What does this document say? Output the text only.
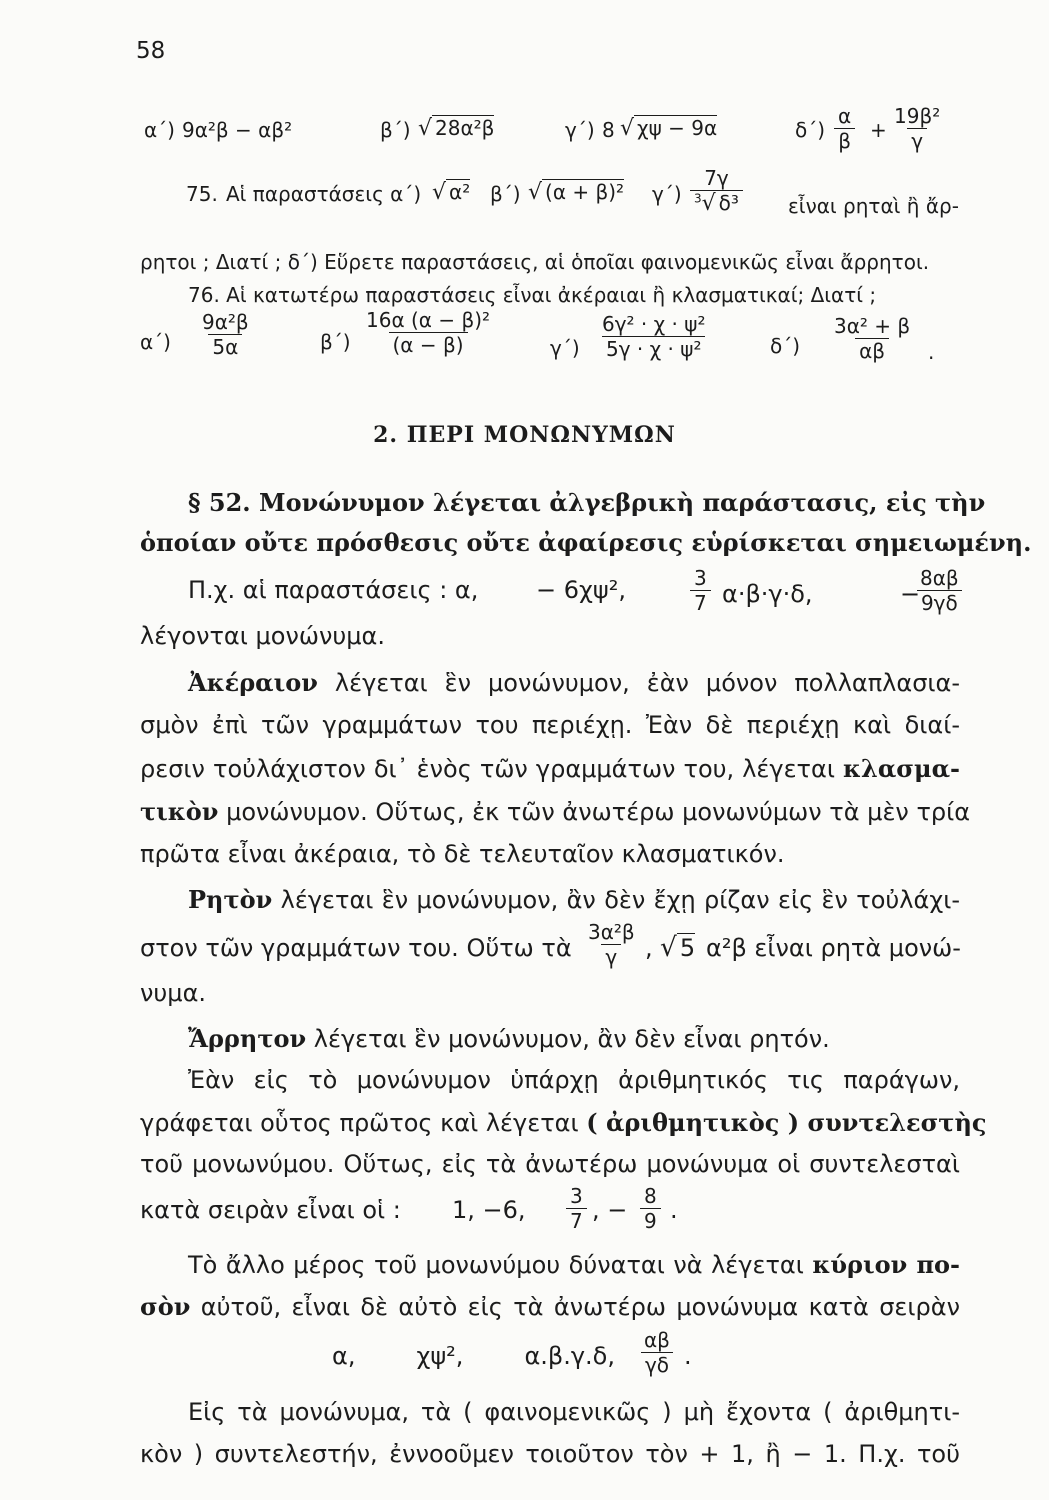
58
α΄) 9α²β − αβ²	β΄) √ 28α²β	γ΄) 8 √ χψ − 9α	$\delta΄) \frac{\alpha}{\beta} + \frac{\text{19β²}}{\gamma}$
75. Αἱ παραστάσεις α΄) √ α² β΄) √ (α + β)² $\gamma΄) \frac{7\gamma}{^3√ \delta^3}$ εἶναι ρηταὶ ἢ ἄρ-
ρητοι ; Διατί ; δ΄) Εὕρετε παραστάσεις, αἱ ὁποῖαι φαινομενικῶς εἶναι ἄρρητοι.
76. Αἱ κατωτέρω παραστάσεις εἶναι ἀκέραιαι ἢ κλασματικαί; Διατί ;
$\alpha΄) \frac{\text{9α²β}}{5\alpha}$	$\beta΄) \frac{\text{16α (α − β)²}}{(\alpha - \beta)}$	$\gamma΄) \frac{\text{6γ² · χ · ψ²}}{\text{5γ · χ · ψ²}}$	$\delta΄) \frac{\text{3α² + β}}{\alpha\beta}$ .
2. ΠΕΡΙ ΜΟΝΩΝΥΜΩΝ
§ 52. Μονώνυμον λέγεται ἀλγεβρικὴ παράστασις, εἰς τὴν
ὁποίαν οὔτε πρόσθεσις οὔτε ἀφαίρεσις εὑρίσκεται σημειωμένη.
Π.χ. αἱ παραστάσεις : α, − 6χψ²,	$\frac{3}{7} \alpha\cdot\beta\cdot\gamma\cdot\delta$,	−
$\frac{8\alpha\beta}{9\gamma\delta}$
λέγονται μονώνυμα.
Ἀκέραιον λέγεται ἓν μονώνυμον, ἐὰν μόνον πολλαπλασια-
σμὸν ἐπὶ τῶν γραμμάτων του περιέχῃ. Ἐὰν δὲ περιέχῃ καὶ διαί-
ρεσιν τοὐλάχιστον δι᾽ ἑνὸς τῶν γραμμάτων του, λέγεται κλασμα-
τικὸν μονώνυμον. Οὕτως, ἐκ τῶν ἀνωτέρω μονωνύμων τὰ μὲν τρία
πρῶτα εἶναι ἀκέραια, τὸ δὲ τελευταῖον κλασματικόν.
Ρητὸν λέγεται ἓν μονώνυμον, ἂν δὲν ἔχῃ ρίζαν εἰς ἓν τοὐλάχι-
στον τῶν γραμμάτων του. Οὕτω τὰ $\frac{\text{3α²β}}{\gamma}$ , √ 5 α²β εἶναι ρητὰ μονώ-
νυμα.
Ἄρρητον λέγεται ἓν μονώνυμον, ἂν δὲν εἶναι ρητόν.
Ἐὰν εἰς τὸ μονώνυμον ὑπάρχῃ ἀριθμητικός τις παράγων,
γράφεται οὗτος πρῶτος καὶ λέγεται ( ἀριθμητικὸς ) συντελεστὴς
τοῦ μονωνύμου. Οὕτως, εἰς τὰ ἀνωτέρω μονώνυμα οἱ συντελεσταὶ
κατὰ σειρὰν εἶναι οἱ : 1, −6, $\frac{3}{7}$ , − $\frac{8}{9}$ .
Τὸ ἄλλο μέρος τοῦ μονωνύμου δύναται νὰ λέγεται κύριον πο-
σὸν αὐτοῦ, εἶναι δὲ αὐτὸ εἰς τὰ ἀνωτέρω μονώνυμα κατὰ σειρὰν
α,        χψ²,        α.β.γ.δ, $\frac{\alpha\beta}{\gamma\delta}$ .
Εἰς τὰ μονώνυμα, τὰ ( φαινομενικῶς ) μὴ ἔχοντα ( ἀριθμητι-
κὸν ) συντελεστήν, ἐννοοῦμεν τοιοῦτον τὸν + 1, ἢ − 1. Π.χ. τοῦ
